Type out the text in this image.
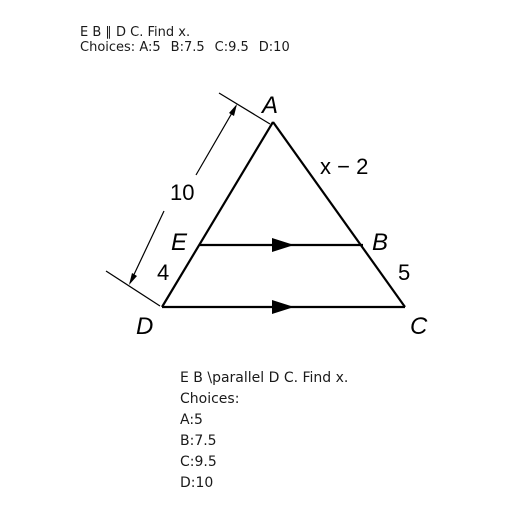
E B ∥ D C. Find x.
Choices: A:5 B:7.5 C:9.5 D:10
A
B
C
D
E
x − 2
5
10
4
E B \parallel D C. Find x.
Choices:
A:5
B:7.5
C:9.5
D:10
